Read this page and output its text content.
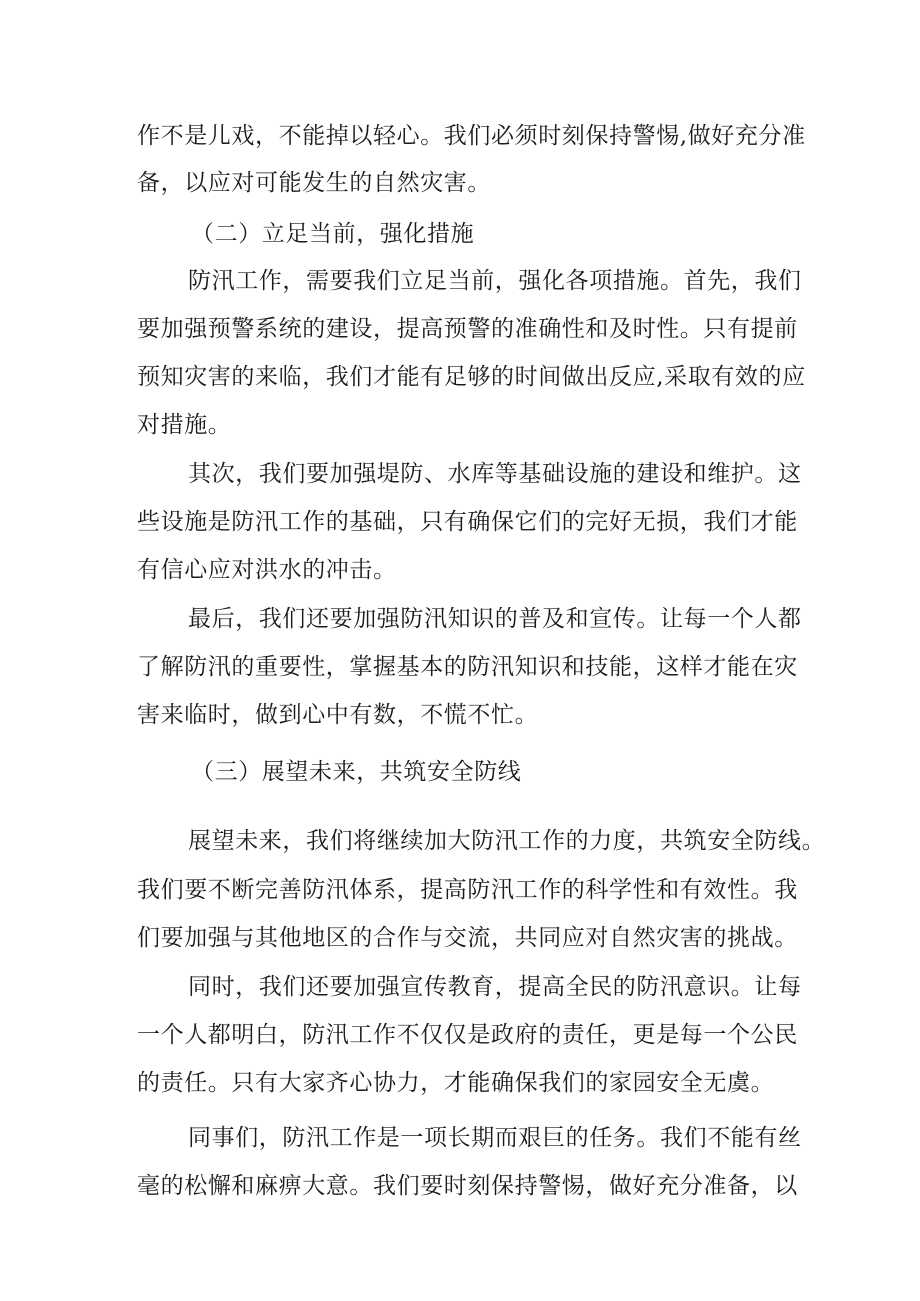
作不是儿戏，不能掉以轻心。我们必须时刻保持警惕,做好充分准
备，以应对可能发生的自然灾害。
（二）立足当前，强化措施
防汛工作，需要我们立足当前，强化各项措施。首先，我们
要加强预警系统的建设，提高预警的准确性和及时性。只有提前
预知灾害的来临，我们才能有足够的时间做出反应,采取有效的应
对措施。
其次，我们要加强堤防、水库等基础设施的建设和维护。这
些设施是防汛工作的基础，只有确保它们的完好无损，我们才能
有信心应对洪水的冲击。
最后，我们还要加强防汛知识的普及和宣传。让每一个人都
了解防汛的重要性，掌握基本的防汛知识和技能，这样才能在灾
害来临时，做到心中有数，不慌不忙。
（三）展望未来，共筑安全防线
展望未来，我们将继续加大防汛工作的力度，共筑安全防线。
我们要不断完善防汛体系，提高防汛工作的科学性和有效性。我
们要加强与其他地区的合作与交流，共同应对自然灾害的挑战。
同时，我们还要加强宣传教育，提高全民的防汛意识。让每
一个人都明白，防汛工作不仅仅是政府的责任，更是每一个公民
的责任。只有大家齐心协力，才能确保我们的家园安全无虞。
同事们，防汛工作是一项长期而艰巨的任务。我们不能有丝
毫的松懈和麻痹大意。我们要时刻保持警惕，做好充分准备，以
